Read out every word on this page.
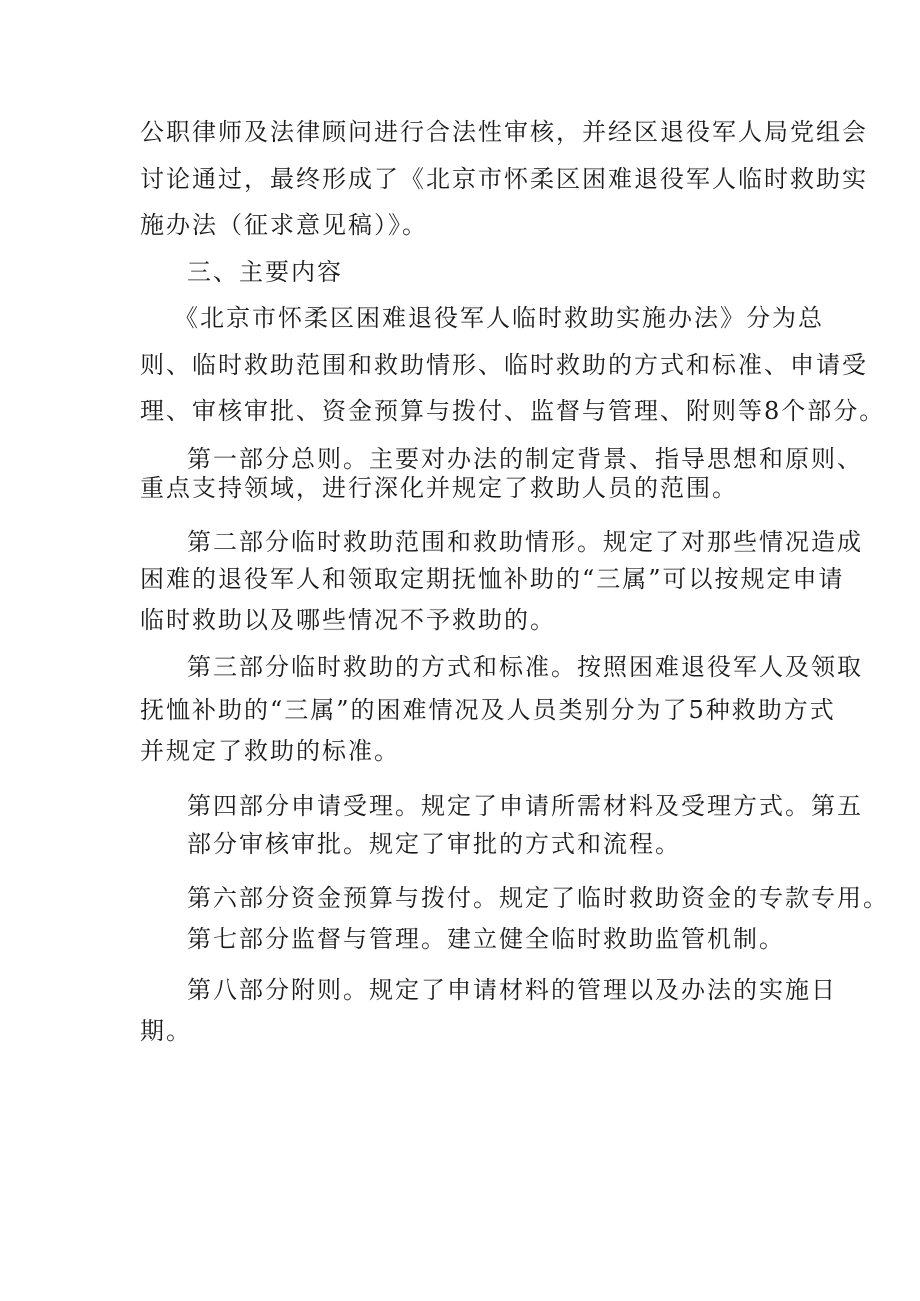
公职律师及法律顾问进行合法性审核，并经区退役军人局党组会
讨论通过，最终形成了《北京市怀柔区困难退役军人临时救助实
施办法（征求意见稿）》。
三、主要内容
《北京市怀柔区困难退役军人临时救助实施办法》分为总
则、临时救助范围和救助情形、临时救助的方式和标准、申请受
理、审核审批、资金预算与拨付、监督与管理、附则等8个部分。
第一部分总则。主要对办法的制定背景、指导思想和原则、
重点支持领域，进行深化并规定了救助人员的范围。
第二部分临时救助范围和救助情形。规定了对那些情况造成
困难的退役军人和领取定期抚恤补助的“三属”可以按规定申请
临时救助以及哪些情况不予救助的。
第三部分临时救助的方式和标准。按照困难退役军人及领取
抚恤补助的“三属”的困难情况及人员类别分为了5种救助方式
并规定了救助的标准。
第四部分申请受理。规定了申请所需材料及受理方式。第五
部分审核审批。规定了审批的方式和流程。
第六部分资金预算与拨付。规定了临时救助资金的专款专用。
第七部分监督与管理。建立健全临时救助监管机制。
第八部分附则。规定了申请材料的管理以及办法的实施日
期。
